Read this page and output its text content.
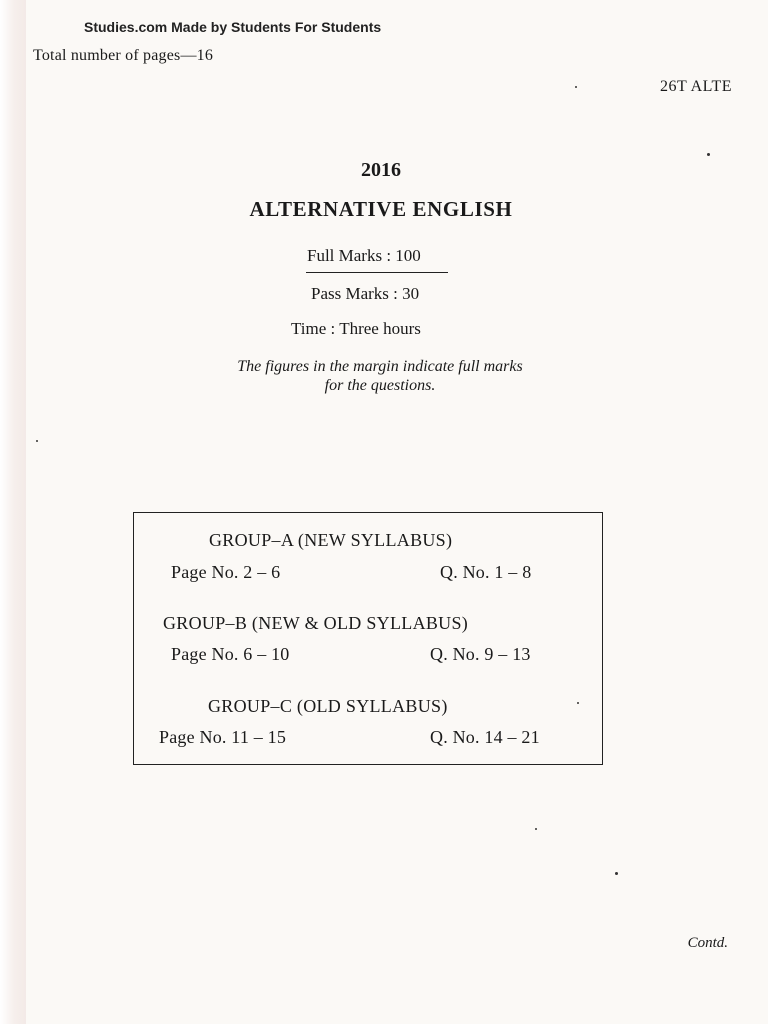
Studies.com Made by Students For Students
Total number of pages—16
26T ALTE
2016
ALTERNATIVE ENGLISH
Full Marks : 100
Pass Marks : 30
Time : Three hours
The figures in the margin indicate full marks
for the questions.
GROUP–A (NEW SYLLABUS)
Page No. 2 – 6	Q. No. 1 – 8
GROUP–B (NEW & OLD SYLLABUS)
Page No. 6 – 10	Q. No. 9 – 13
GROUP–C (OLD SYLLABUS)
Page No. 11 – 15	Q. No. 14 – 21
Contd.
